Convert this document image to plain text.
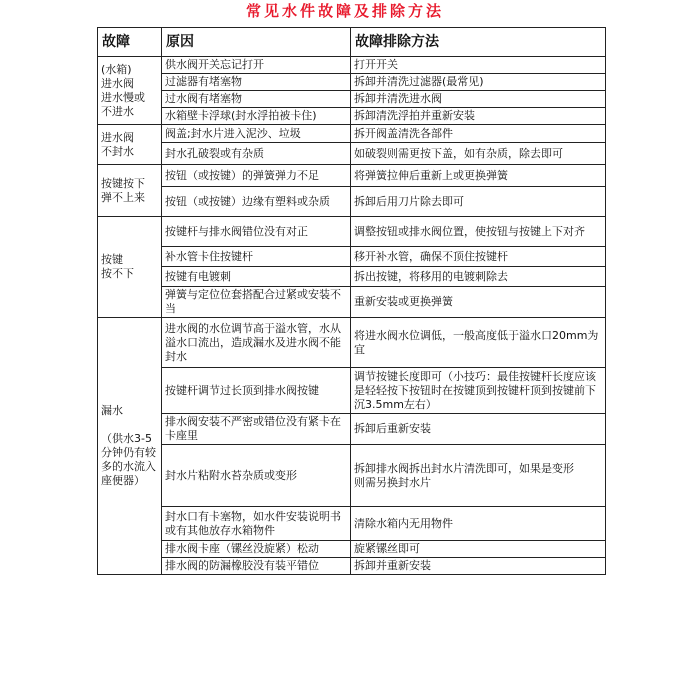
常见水件故障及排除方法
故障	原因	故障排除方法
(水箱)
进水阀
进水慢或
不进水	供水阀开关忘记打开	打开开关
	过滤器有堵塞物	拆卸并清洗过滤器(最常见)
	过水阀有堵塞物	拆卸并清洗进水阀
	水箱壁卡浮球(封水浮拍被卡住)	拆卸清洗浮拍并重新安装
进水阀
不封水	阀盖;封水片进入泥沙、垃圾	拆开阀盖清洗各部件
	封水孔破裂或有杂质	如破裂则需更按下盖，如有杂质，除去即可
按键按下
弹不上来	按钮（或按键）的弹簧弹力不足	将弹簧拉伸后重新上或更换弹簧
	按钮（或按键）边缘有塑料或杂质	拆卸后用刀片除去即可
按键
按不下	按键杆与排水阀错位没有对正	调整按钮或排水阀位置，使按钮与按键上下对齐
	补水管卡住按键杆	移开补水管，确保不顶住按键杆
	按键有电镀刺	拆出按键，将移用的电镀刺除去
	弹簧与定位位套搭配合过紧或安装不当	重新安装或更换弹簧
漏水

（供水3-5分钟仍有较多的水流入座便器）	进水阀的水位调节高于溢水管，水从溢水口流出，造成漏水及进水阀不能封水	将进水阀水位调低，一般高度低于溢水口20mm为宜
	按键杆调节过长顶到排水阀按键	调节按键长度即可（小技巧：最佳按键杆长度应该是轻轻按下按钮时在按键顶到按键杆顶到按键前下沉3.5mm左右）
	排水阀安装不严密或错位没有紧卡在卡座里	拆卸后重新安装
	封水片粘附水苔杂质或变形	拆卸排水阀拆出封水片清洗即可，如果是变形
则需另换封水片
	封水口有卡塞物，如水件安装说明书或有其他放存水箱物件	清除水箱内无用物件
	排水阀卡座（镙丝没旋紧）松动	旋紧镙丝即可
	排水阀的防漏橡胶没有装平错位	拆卸并重新安装
